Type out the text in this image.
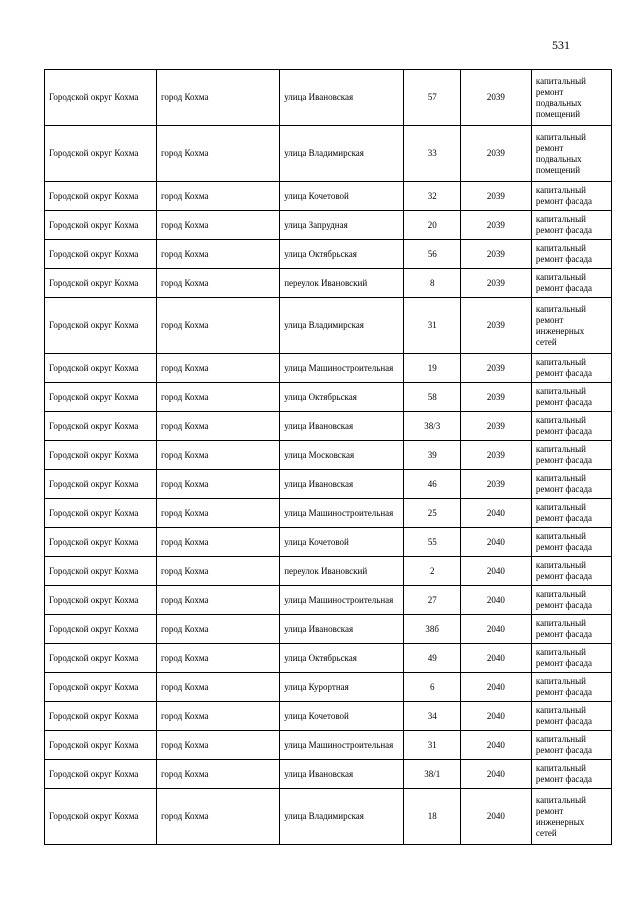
531
Городской округ Кохма	город Кохма	улица Ивановская	57	2039	капитальный ремонт подвальных помещений
Городской округ Кохма	город Кохма	улица Владимирская	33	2039	капитальный ремонт подвальных помещений
Городской округ Кохма	город Кохма	улица Кочетовой	32	2039	капитальный ремонт фасада
Городской округ Кохма	город Кохма	улица Запрудная	20	2039	капитальный ремонт фасада
Городской округ Кохма	город Кохма	улица Октябрьская	56	2039	капитальный ремонт фасада
Городской округ Кохма	город Кохма	переулок Ивановский	8	2039	капитальный ремонт фасада
Городской округ Кохма	город Кохма	улица Владимирская	31	2039	капитальный ремонт инженерных сетей
Городской округ Кохма	город Кохма	улица Машиностроительная	19	2039	капитальный ремонт фасада
Городской округ Кохма	город Кохма	улица Октябрьская	58	2039	капитальный ремонт фасада
Городской округ Кохма	город Кохма	улица Ивановская	38/3	2039	капитальный ремонт фасада
Городской округ Кохма	город Кохма	улица Московская	39	2039	капитальный ремонт фасада
Городской округ Кохма	город Кохма	улица Ивановская	46	2039	капитальный ремонт фасада
Городской округ Кохма	город Кохма	улица Машиностроительная	25	2040	капитальный ремонт фасада
Городской округ Кохма	город Кохма	улица Кочетовой	55	2040	капитальный ремонт фасада
Городской округ Кохма	город Кохма	переулок Ивановский	2	2040	капитальный ремонт фасада
Городской округ Кохма	город Кохма	улица Машиностроительная	27	2040	капитальный ремонт фасада
Городской округ Кохма	город Кохма	улица Ивановская	38б	2040	капитальный ремонт фасада
Городской округ Кохма	город Кохма	улица Октябрьская	49	2040	капитальный ремонт фасада
Городской округ Кохма	город Кохма	улица Курортная	6	2040	капитальный ремонт фасада
Городской округ Кохма	город Кохма	улица Кочетовой	34	2040	капитальный ремонт фасада
Городской округ Кохма	город Кохма	улица Машиностроительная	31	2040	капитальный ремонт фасада
Городской округ Кохма	город Кохма	улица Ивановская	38/1	2040	капитальный ремонт фасада
Городской округ Кохма	город Кохма	улица Владимирская	18	2040	капитальный ремонт инженерных сетей
